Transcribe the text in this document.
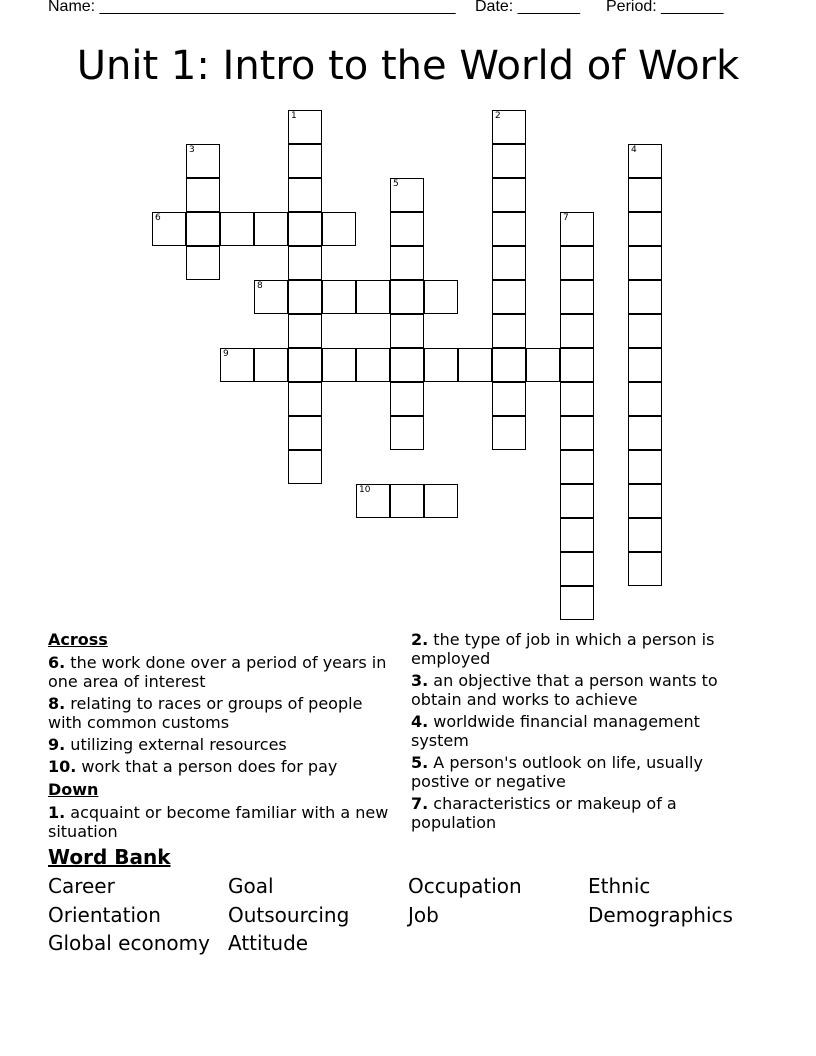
Name: ________________________________________

Date: _______

Period: _______

Unit 1: Intro to the World of Work
1	2
3	4
5
6	7
8
9
10

Across

6. the work done over a period of years in one area of interest

8. relating to races or groups of people with common customs

9. utilizing external resources

10. work that a person does for pay

Down

1. acquaint or become familiar with a new situation

2. the type of job in which a person is employed

3. an objective that a person wants to obtain and works to achieve

4. worldwide financial management system

5. A person's outlook on life, usually postive or negative

7. characteristics or makeup of a population

Word Bank
Career	Goal	Occupation	Ethnic
Orientation	Outsourcing	Job	Demographics
Global economy Attitude
